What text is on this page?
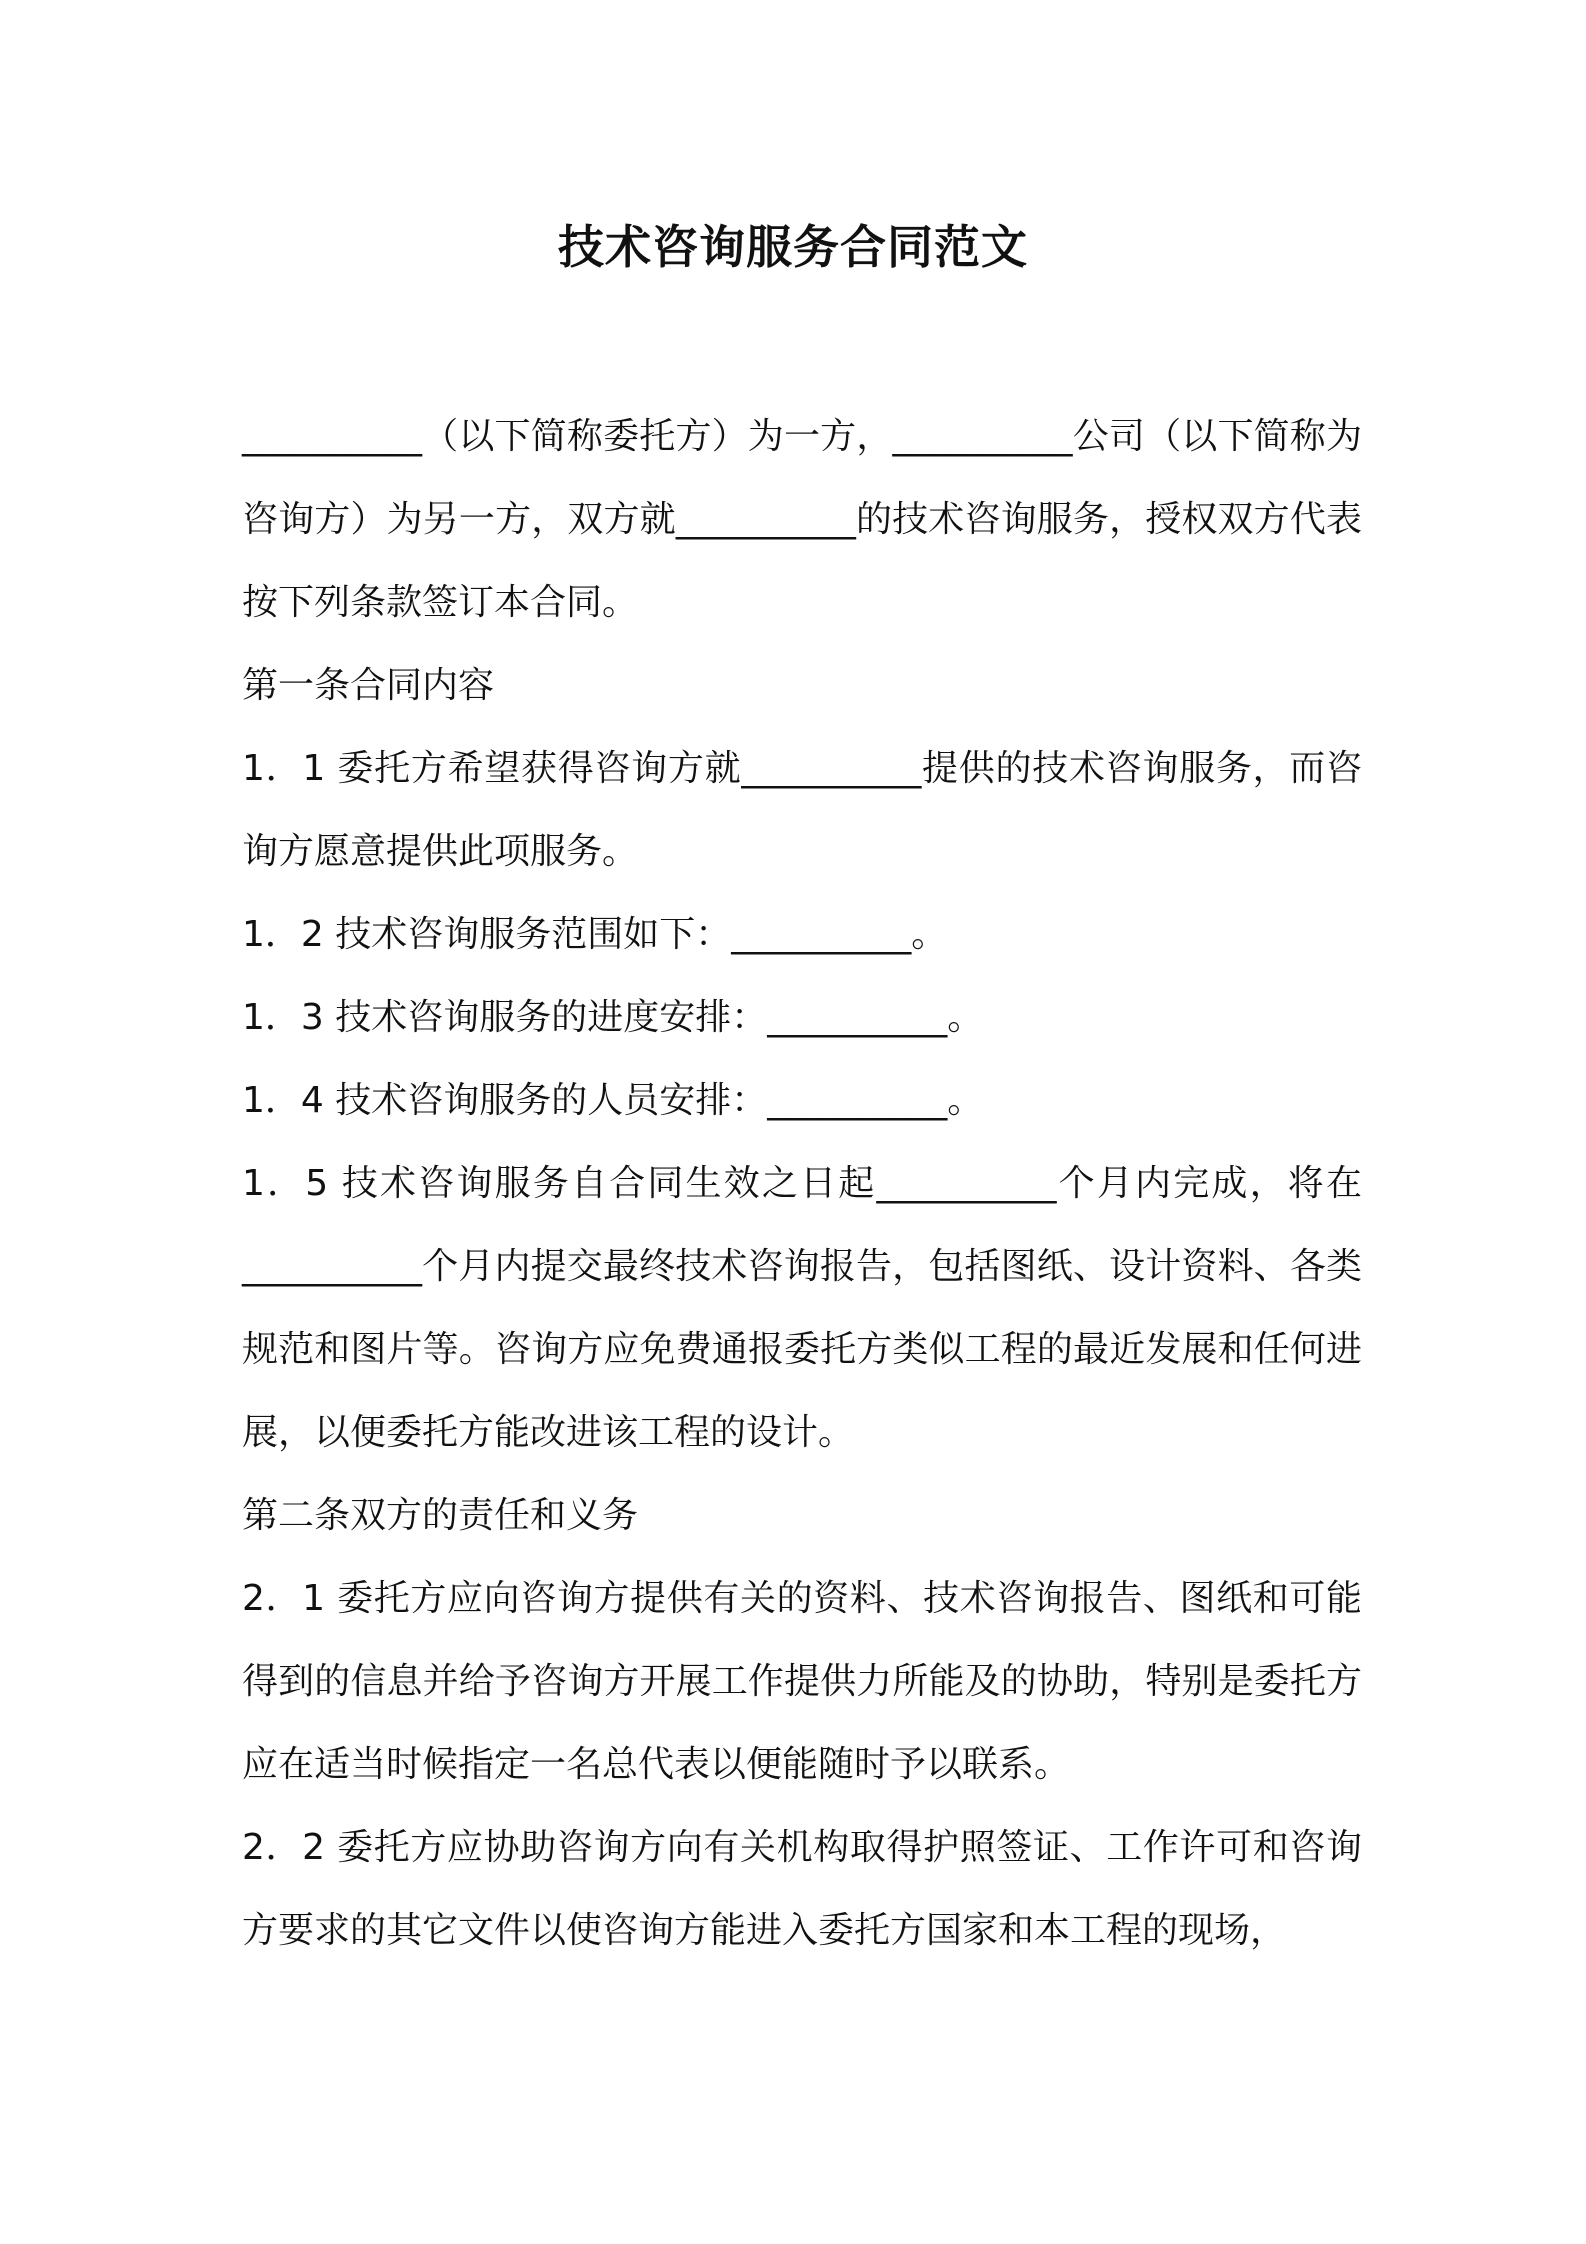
技术咨询服务合同范文

__________（以下简称委托方）为一方，__________公司（以下简称为咨询方）为另一方，双方就__________的技术咨询服务，授权双方代表按下列条款签订本合同。

第一条合同内容

1．1 委托方希望获得咨询方就__________提供的技术咨询服务，而咨询方愿意提供此项服务。

1．2 技术咨询服务范围如下：__________。

1．3 技术咨询服务的进度安排：__________。

1．4 技术咨询服务的人员安排：__________。

1．5 技术咨询服务自合同生效之日起__________个月内完成，将在__________个月内提交最终技术咨询报告，包括图纸、设计资料、各类规范和图片等。咨询方应免费通报委托方类似工程的最近发展和任何进展，以便委托方能改进该工程的设计。

第二条双方的责任和义务

2．1 委托方应向咨询方提供有关的资料、技术咨询报告、图纸和可能得到的信息并给予咨询方开展工作提供力所能及的协助，特别是委托方应在适当时候指定一名总代表以便能随时予以联系。

2．2 委托方应协助咨询方向有关机构取得护照签证、工作许可和咨询方要求的其它文件以使咨询方能进入委托方国家和本工程的现场，
